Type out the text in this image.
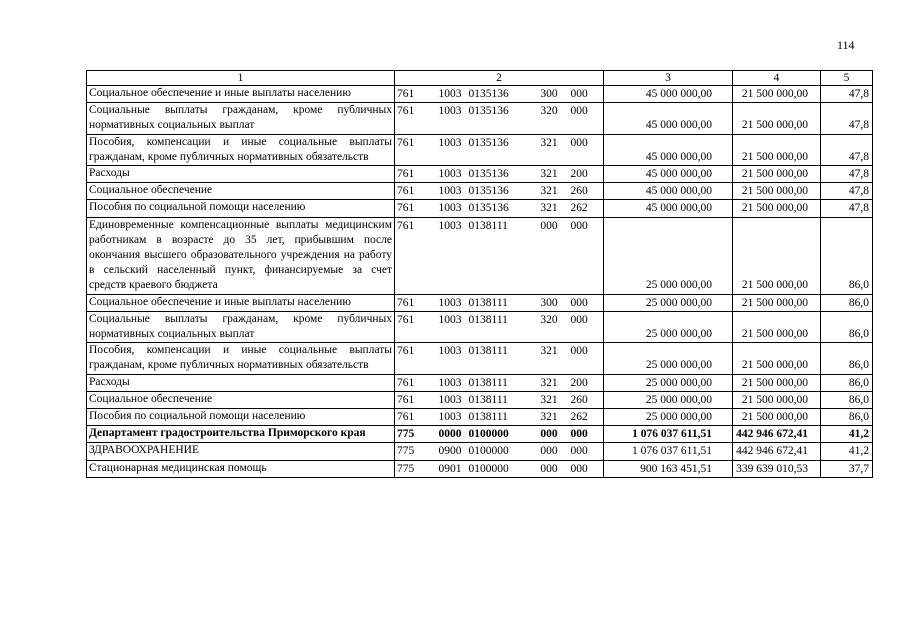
114
1	2					3	4	5
Социальное обеспечение и иные выплаты населению	761	1003	0135136	300	000	45 000 000,00	21 500 000,00	47,8
Социальные выплаты гражданам, кроме публичных нормативных социальных выплат	761	1003	0135136	320	000	45 000 000,00	21 500 000,00	47,8
Пособия, компенсации и иные социальные выплаты гражданам, кроме публичных нормативных обязательств	761	1003	0135136	321	000	45 000 000,00	21 500 000,00	47,8
Расходы	761	1003	0135136	321	200	45 000 000,00	21 500 000,00	47,8
Социальное обеспечение	761	1003	0135136	321	260	45 000 000,00	21 500 000,00	47,8
Пособия по социальной помощи населению	761	1003	0135136	321	262	45 000 000,00	21 500 000,00	47,8
Единовременные компенсационные выплаты медицинским работникам в возрасте до 35 лет, прибывшим после окончания высшего образовательного учреждения на работу в сельский населенный пункт, финансируемые за счет средств краевого бюджета	761	1003	0138111	000	000	25 000 000,00	21 500 000,00	86,0
Социальное обеспечение и иные выплаты населению	761	1003	0138111	300	000	25 000 000,00	21 500 000,00	86,0
Социальные выплаты гражданам, кроме публичных нормативных социальных выплат	761	1003	0138111	320	000	25 000 000,00	21 500 000,00	86,0
Пособия, компенсации и иные социальные выплаты гражданам, кроме публичных нормативных обязательств	761	1003	0138111	321	000	25 000 000,00	21 500 000,00	86,0
Расходы	761	1003	0138111	321	200	25 000 000,00	21 500 000,00	86,0
Социальное обеспечение	761	1003	0138111	321	260	25 000 000,00	21 500 000,00	86,0
Пособия по социальной помощи населению	761	1003	0138111	321	262	25 000 000,00	21 500 000,00	86,0
Департамент градостроительства Приморского края	775	0000	0100000	000	000	1 076 037 611,51	442 946 672,41	41,2
ЗДРАВООХРАНЕНИЕ	775	0900	0100000	000	000	1 076 037 611,51	442 946 672,41	41,2
Стационарная медицинская помощь	775	0901	0100000	000	000	900 163 451,51	339 639 010,53	37,7
